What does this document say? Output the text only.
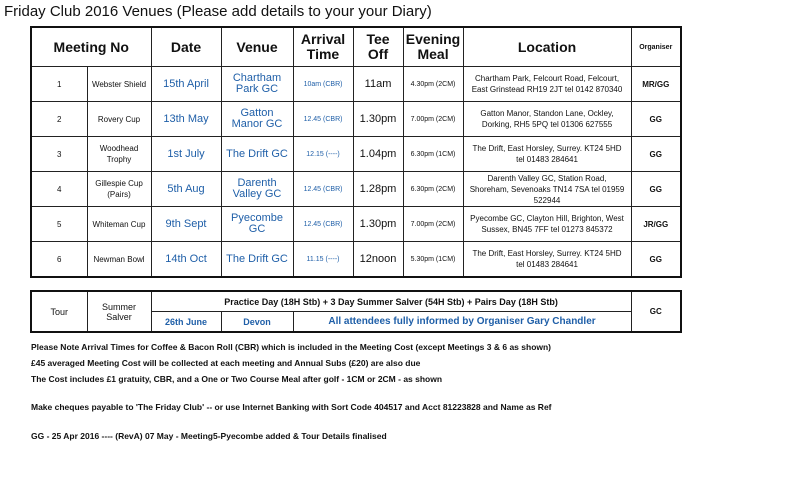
Friday Club 2016 Venues (Please add details to your your Diary)
Meeting No		Date	Venue	Arrival Time	Tee Off	Evening Meal	Location	Organiser
1	Webster Shield	15th April	Chartham Park GC	10am (CBR)	11am	4.30pm (2CM)	Chartham Park, Felcourt Road, Felcourt, East Grinstead RH19 2JT tel 0142 870340	MR/GG
2	Rovery Cup	13th May	Gatton Manor GC	12.45 (CBR)	1.30pm	7.00pm (2CM)	Gatton Manor, Standon Lane, Ockley, Dorking, RH5 5PQ tel 01306 627555	GG
3	Woodhead Trophy	1st July	The Drift GC	12.15 (----)	1.04pm	6.30pm (1CM)	The Drift, East Horsley, Surrey. KT24 5HD tel 01483 284641	GG
4	Gillespie Cup (Pairs)	5th Aug	Darenth Valley GC	12.45 (CBR)	1.28pm	6.30pm (2CM)	Darenth Valley GC, Station Road, Shoreham, Sevenoaks TN14 7SA tel 01959 522944	GG
5	Whiteman Cup	9th Sept	Pyecombe GC	12.45 (CBR)	1.30pm	7.00pm (2CM)	Pyecombe GC, Clayton Hill, Brighton, West Sussex, BN45 7FF tel 01273 845372	JR/GG
6	Newman Bowl	14th Oct	The Drift GC	11.15 (----)	12noon	5.30pm (1CM)	The Drift, East Horsley, Surrey. KT24 5HD tel 01483 284641	GG
Tour	Summer Salver	Practice Day (18H Stb) + 3 Day Summer Salver (54H Stb) + Pairs Day (18H Stb)			GC
		26th June	Devon	All attendees fully informed by Organiser Gary Chandler	
Please Note Arrival Times for Coffee & Bacon Roll (CBR) which is included in the Meeting Cost (except Meetings 3 & 6 as shown)
£45 averaged Meeting Cost will be collected at each meeting and Annual Subs (£20) are also due
The Cost includes £1 gratuity, CBR, and a One or Two Course Meal after golf - 1CM or 2CM - as shown
Make cheques payable to 'The Friday Club' -- or use Internet Banking with Sort Code 404517 and Acct 81223828 and Name as Ref
GG - 25 Apr 2016 ---- (RevA) 07 May - Meeting5-Pyecombe added & Tour Details finalised
